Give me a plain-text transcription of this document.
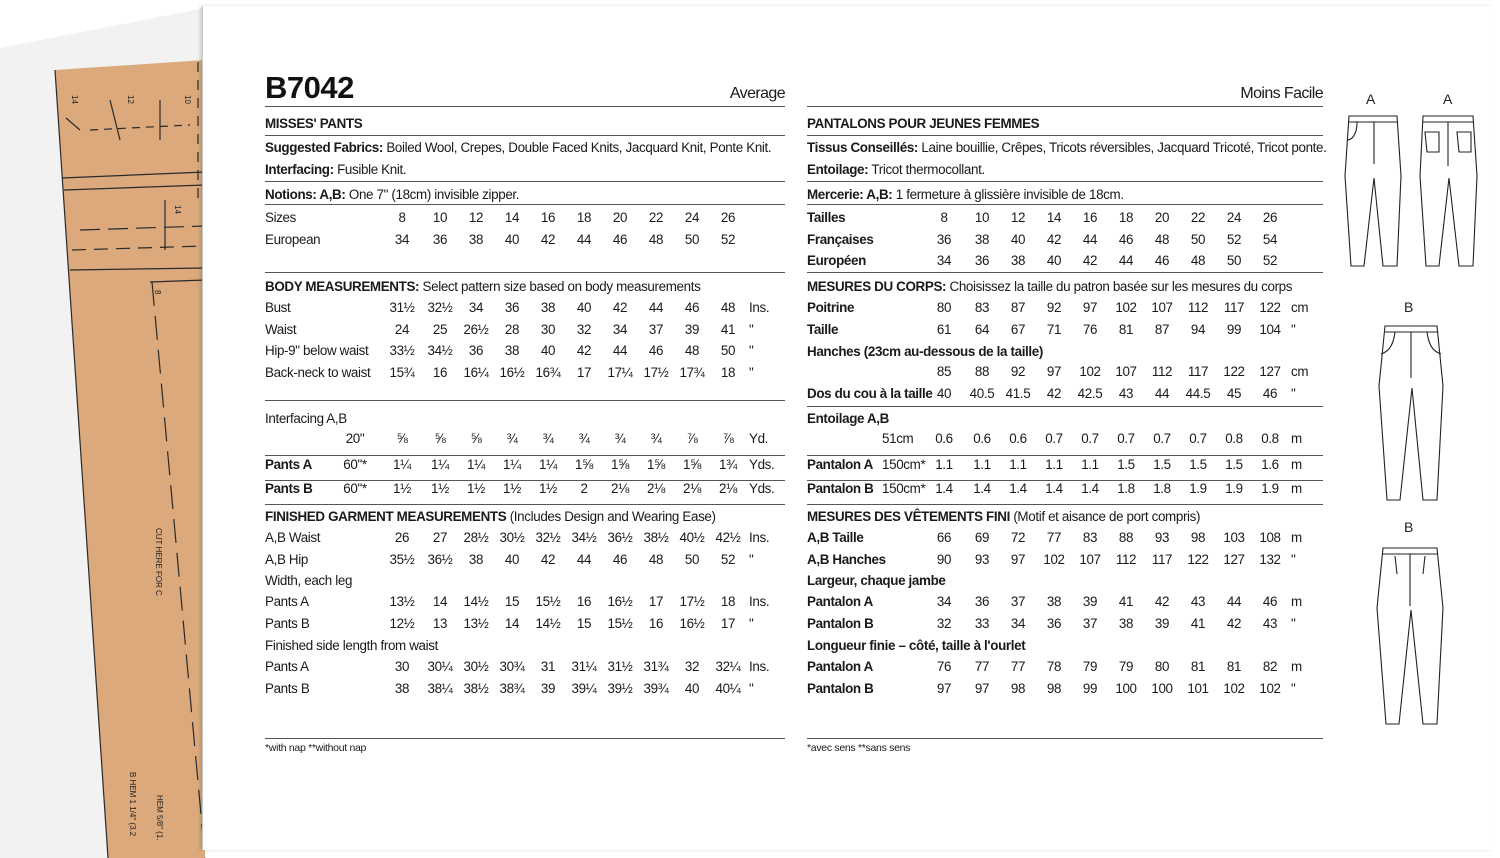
14	12	10
14
8
CUT HERE FOR C
B HEM 1 1/4" (3.2 HEM 5/8" (1.
B7042	Average
MISSES' PANTS
Suggested Fabrics: Boiled Wool, Crepes, Double Faced Knits, Jacquard Knit, Ponte Knit.
Interfacing: Fusible Knit.
Notions: A,B: One 7" (18cm) invisible zipper.
Sizes	8	10	12	14	16	18	20	22	24	26
European	34	36	38	40	42	44	46	48	50	52
BODY MEASUREMENTS: Select pattern size based on body measurements
Bust	31½ 32½	34	36	38	40	42	44	46	48	Ins.
Waist	24	25	26½	28	30	32	34	37	39	41	"
Hip-9" below waist 33½ 34½	36	38	40	42	44	46	48	50	"
Back-neck to waist 15¾	16	16¼ 16½ 16¾	17	17¼ 17½ 17¾	18	"
Interfacing A,B
20"	⅝	⅝	⅝	¾	¾	¾	¾	¾	⅞	⅞	Yd.
Pants A 60"*	1¼	1¼	1¼	1¼	1¼	1⅝	1⅝	1⅝	1⅝	1¾ Yds.
Pants B 60"*	1½	1½	1½	1½	1½	2	2⅛	2⅛	2⅛	2⅛ Yds.
FINISHED GARMENT MEASUREMENTS (Includes Design and Wearing Ease)
A,B Waist	26	27	28½ 30½ 32½ 34½ 36½ 38½ 40½ 42½ Ins.
A,B Hip	35½ 36½	38	40	42	44	46	48	50	52	"
Width, each leg
Pants A	13½	14	14½	15	15½	16	16½	17	17½	18	Ins.
Pants B	12½	13	13½	14	14½	15	15½	16	16½	17	"
Finished side length from waist
Pants A	30	30¼ 30½ 30¾	31	31¼ 31½ 31¾	32	32¼ Ins.
Pants B	38	38¼ 38½ 38¾	39	39¼ 39½ 39¾	40	40¼ "
*with nap **without nap
Moins Facile
PANTALONS POUR JEUNES FEMMES
Tissus Conseillés: Laine bouillie, Crêpes, Tricots réversibles, Jacquard Tricoté, Tricot ponte.
Entoilage: Tricot thermocollant.
Mercerie: A,B: 1 fermeture à glissière invisible de 18cm.
Tailles	8	10	12	14	16	18	20	22	24	26
Françaises	36	38	40	42	44	46	48	50	52	54
Européen	34	36	38	40	42	44	46	48	50	52
MESURES DU CORPS: Choisissez la taille du patron basée sur les mesures du corps
Poitrine	80	83	87	92	97	102	107	112	117	122 cm
Taille	61	64	67	71	76	81	87	94	99	104 "
Hanches (23cm au-dessous de la taille)
85	88	92	97	102	107	112	117	122	127 cm
Dos du cou à la taille 40	40.5 41.5	42	42.5	43	44	44.5	45	46	"
Entoilage A,B
51cm	0.6	0.6	0.6	0.7	0.7	0.7	0.7	0.7	0.8	0.8 m
Pantalon A 150cm* 1.1	1.1	1.1	1.1	1.1	1.5	1.5	1.5	1.5	1.6 m
Pantalon B 150cm* 1.4	1.4	1.4	1.4	1.4	1.8	1.8	1.9	1.9	1.9 m
MESURES DES VÊTEMENTS FINI (Motif et aisance de port compris)
A,B Taille	66	69	72	77	83	88	93	98	103	108 m
A,B Hanches	90	93	97	102	107	112	117	122	127	132 "
Largeur, chaque jambe
Pantalon A	34	36	37	38	39	41	42	43	44	46	m
Pantalon B	32	33	34	36	37	38	39	41	42	43	"
Longueur finie – côté, taille à l'ourlet
Pantalon A	76	77	77	78	79	79	80	81	81	82	m
Pantalon B	97	97	98	98	99	100	100	101	102	102 "
*avec sens **sans sens
A	A
B
B
